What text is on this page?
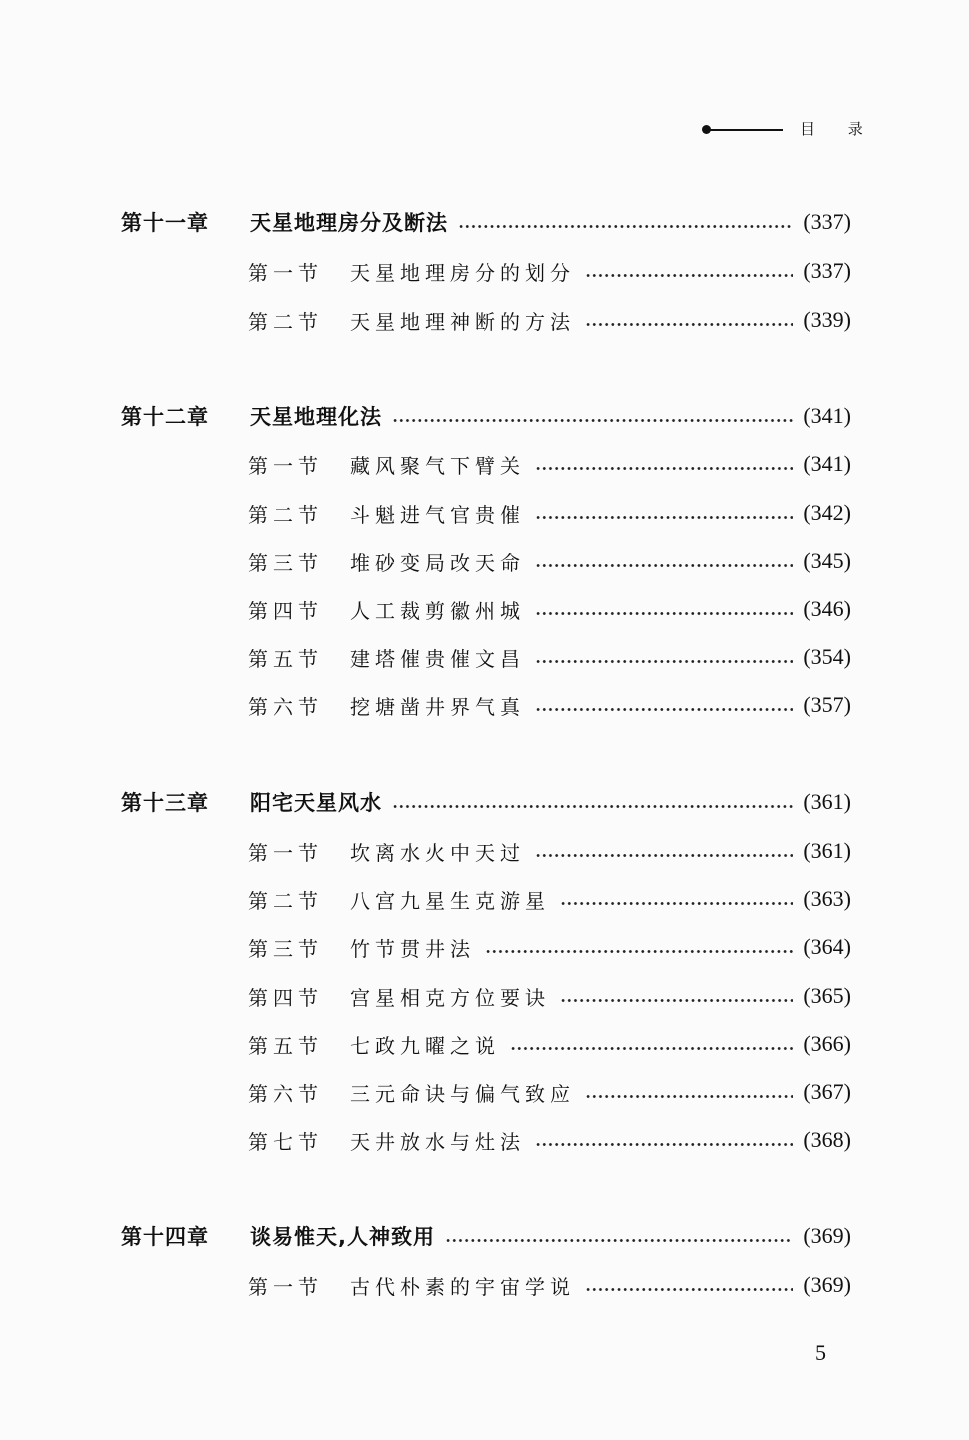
目 录
第十一章	天星地理房分及断法	(337)
第一节	天星地理房分的划分	(337)
第二节	天星地理神断的方法	(339)
第十二章	天星地理化法	(341)
第一节	藏风聚气下臂关	(341)
第二节	斗魁进气官贵催	(342)
第三节	堆砂变局改天命	(345)
第四节	人工裁剪徽州城	(346)
第五节	建塔催贵催文昌	(354)
第六节	挖塘凿井界气真	(357)
第十三章	阳宅天星风水	(361)
第一节	坎离水火中天过	(361)
第二节	八宫九星生克游星	(363)
第三节	竹节贯井法	(364)
第四节	宫星相克方位要诀	(365)
第五节	七政九曜之说	(366)
第六节	三元命诀与偏气致应	(367)
第七节	天井放水与灶法	(368)
第十四章	谈易惟天,人神致用	(369)
第一节	古代朴素的宇宙学说	(369)
5
